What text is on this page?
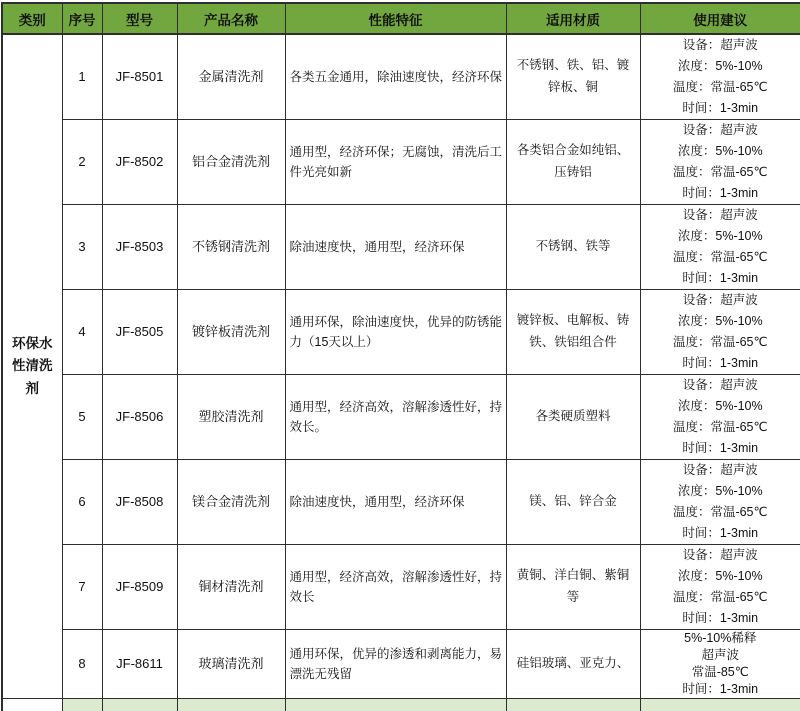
类别	序号	型号	产品名称	性能特征	适用材质	使用建议
环保水性清洗剂	1	JF-8501	金属清洗剂	各类五金通用，除油速度快，经济环保	不锈钢、铁、铝、镀锌板、铜	设备：超声波
浓度：5%-10%
温度：常温-65℃
时间：1-3min

	2	JF-8502	铝合金清洗剂	通用型，经济环保；无腐蚀，清洗后工件光亮如新	各类铝合金如纯铝、压铸铝	设备：超声波
浓度：5%-10%
温度：常温-65℃
时间：1-3min

	3	JF-8503	不锈钢清洗剂	除油速度快，通用型，经济环保	不锈钢、铁等	设备：超声波
浓度：5%-10%
温度：常温-65℃
时间：1-3min

	4	JF-8505	镀锌板清洗剂	通用环保，除油速度快，优异的防锈能力（15天以上）	镀锌板、电解板、铸铁、铁铝组合件	设备：超声波
浓度：5%-10%
温度：常温-65℃
时间：1-3min

	5	JF-8506	塑胶清洗剂	通用型，经济高效，溶解渗透性好，持效长。	各类硬质塑料	设备：超声波
浓度：5%-10%
温度：常温-65℃
时间：1-3min

	6	JF-8508	镁合金清洗剂	除油速度快，通用型，经济环保	镁、铝、锌合金	设备：超声波
浓度：5%-10%
温度：常温-65℃
时间：1-3min

	7	JF-8509	铜材清洗剂	通用型，经济高效，溶解渗透性好，持效长	黄铜、洋白铜、紫铜等	设备：超声波
浓度：5%-10%
温度：常温-65℃
时间：1-3min

	8	JF-8611	玻璃清洗剂	通用环保，优异的渗透和剥离能力，易漂洗无残留	硅铝玻璃、亚克力、	5%-10%稀释
超声波
常温-85℃
时间：1-3min
